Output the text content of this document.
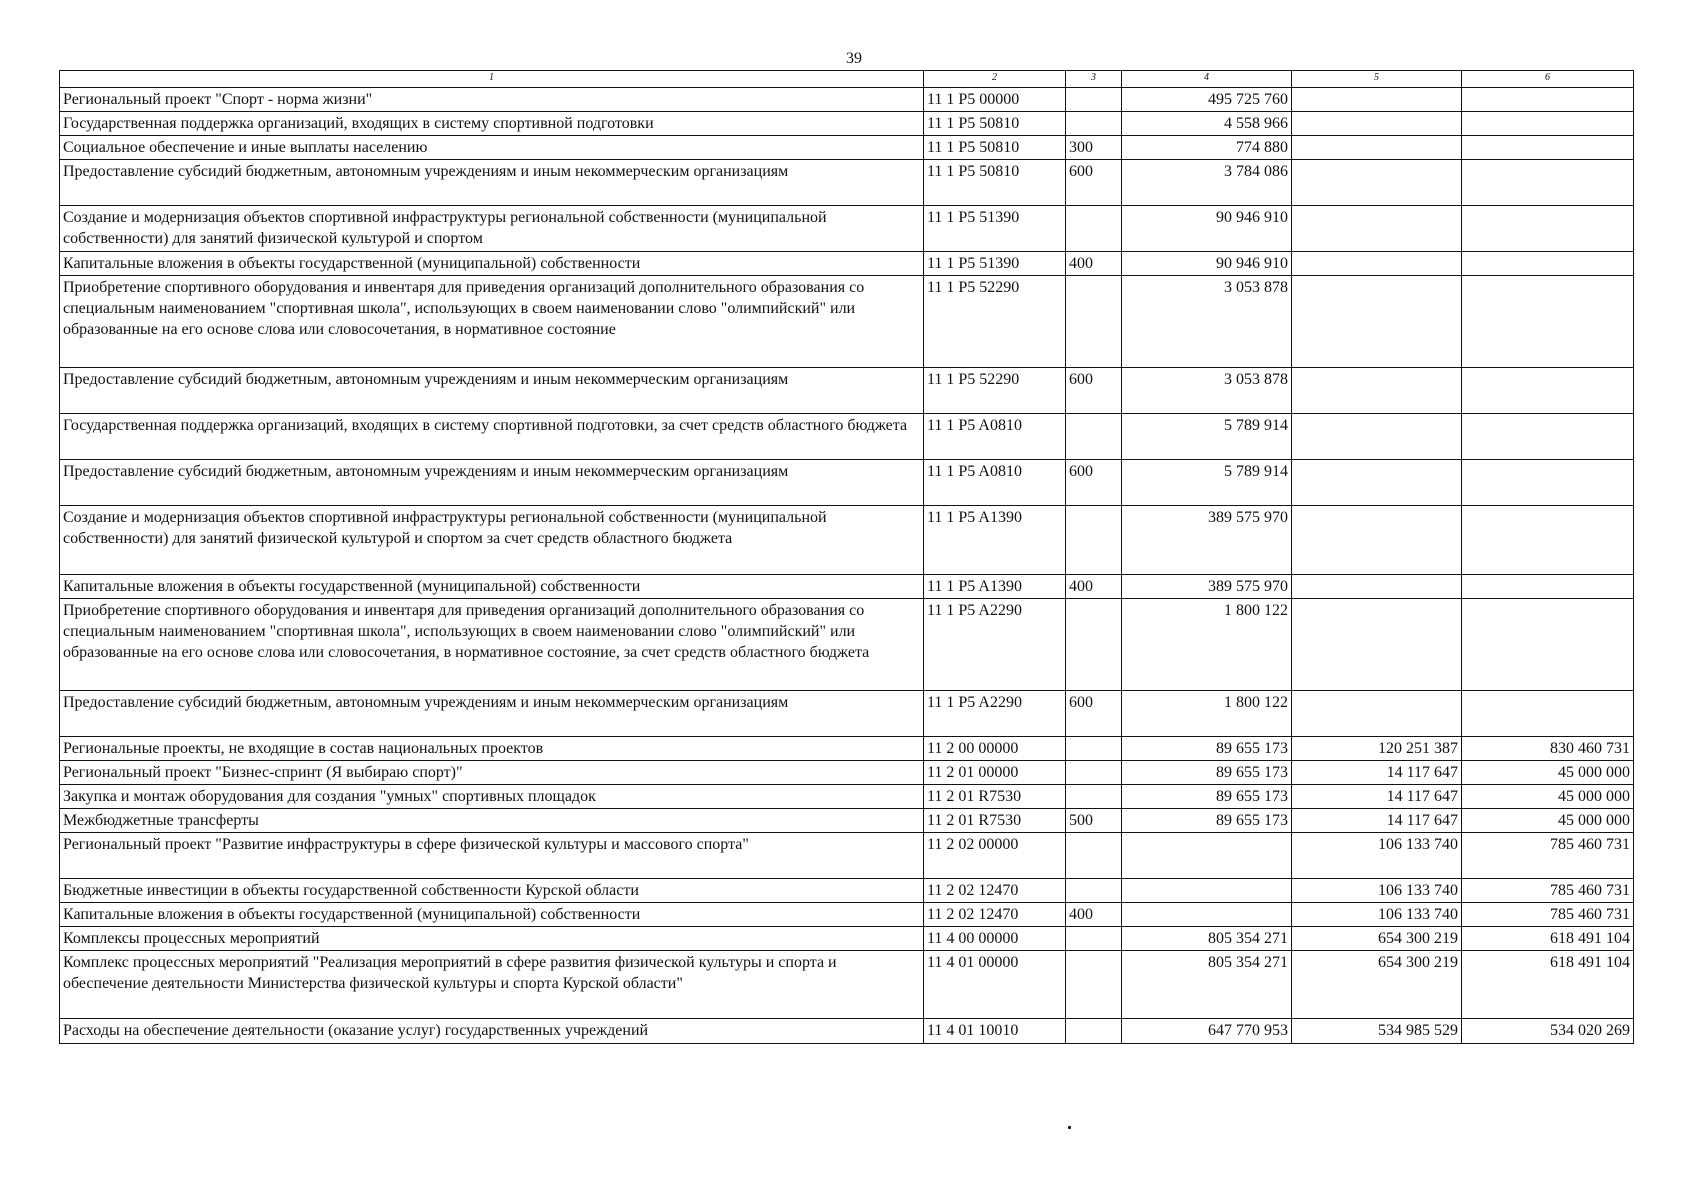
39
1	2	3	4	5	6
Региональный проект "Спорт - норма жизни"	11 1 P5 00000		495 725 760		
Государственная поддержка организаций, входящих в систему спортивной подготовки	11 1 P5 50810		4 558 966		
Социальное обеспечение и иные выплаты населению	11 1 P5 50810	300	774 880		
Предоставление субсидий бюджетным, автономным учреждениям и иным некоммерческим организациям	11 1 P5 50810	600	3 784 086		
Создание и модернизация объектов спортивной инфраструктуры региональной собственности (муниципальной собственности) для занятий физической культурой и спортом	11 1 P5 51390		90 946 910		
Капитальные вложения в объекты государственной (муниципальной) собственности	11 1 P5 51390	400	90 946 910		
Приобретение спортивного оборудования и инвентаря для приведения организаций дополнительного образования со специальным наименованием "спортивная школа", использующих в своем наименовании слово "олимпийский" или образованные на его основе слова или словосочетания, в нормативное состояние	11 1 P5 52290		3 053 878		
Предоставление субсидий бюджетным, автономным учреждениям и иным некоммерческим организациям	11 1 P5 52290	600	3 053 878		
Государственная поддержка организаций, входящих в систему спортивной подготовки, за счет средств областного бюджета	11 1 P5 A0810		5 789 914		
Предоставление субсидий бюджетным, автономным учреждениям и иным некоммерческим организациям	11 1 P5 A0810	600	5 789 914		
Создание и модернизация объектов спортивной инфраструктуры региональной собственности (муниципальной собственности) для занятий физической культурой и спортом за счет средств областного бюджета	11 1 P5 A1390		389 575 970		
Капитальные вложения в объекты государственной (муниципальной) собственности	11 1 P5 A1390	400	389 575 970		
Приобретение спортивного оборудования и инвентаря для приведения организаций дополнительного образования со специальным наименованием "спортивная школа", использующих в своем наименовании слово "олимпийский" или образованные на его основе слова или словосочетания, в нормативное состояние, за счет средств областного бюджета	11 1 P5 A2290		1 800 122		
Предоставление субсидий бюджетным, автономным учреждениям и иным некоммерческим организациям	11 1 P5 A2290	600	1 800 122		
Региональные проекты, не входящие в состав национальных проектов	11 2 00 00000		89 655 173	120 251 387	830 460 731
Региональный проект "Бизнес-спринт (Я выбираю спорт)"	11 2 01 00000		89 655 173	14 117 647	45 000 000
Закупка и монтаж оборудования для создания "умных" спортивных площадок	11 2 01 R7530		89 655 173	14 117 647	45 000 000
Межбюджетные трансферты	11 2 01 R7530	500	89 655 173	14 117 647	45 000 000
Региональный проект "Развитие инфраструктуры в сфере физической культуры и массового спорта"	11 2 02 00000			106 133 740	785 460 731
Бюджетные инвестиции в объекты государственной собственности Курской области	11 2 02 12470			106 133 740	785 460 731
Капитальные вложения в объекты государственной (муниципальной) собственности	11 2 02 12470	400		106 133 740	785 460 731
Комплексы процессных мероприятий	11 4 00 00000		805 354 271	654 300 219	618 491 104
Комплекс процессных мероприятий "Реализация мероприятий в сфере развития физической культуры и спорта и обеспечение деятельности Министерства физической культуры и спорта Курской области"	11 4 01 00000		805 354 271	654 300 219	618 491 104
Расходы на обеспечение деятельности (оказание услуг) государственных учреждений	11 4 01 10010		647 770 953	534 985 529	534 020 269
